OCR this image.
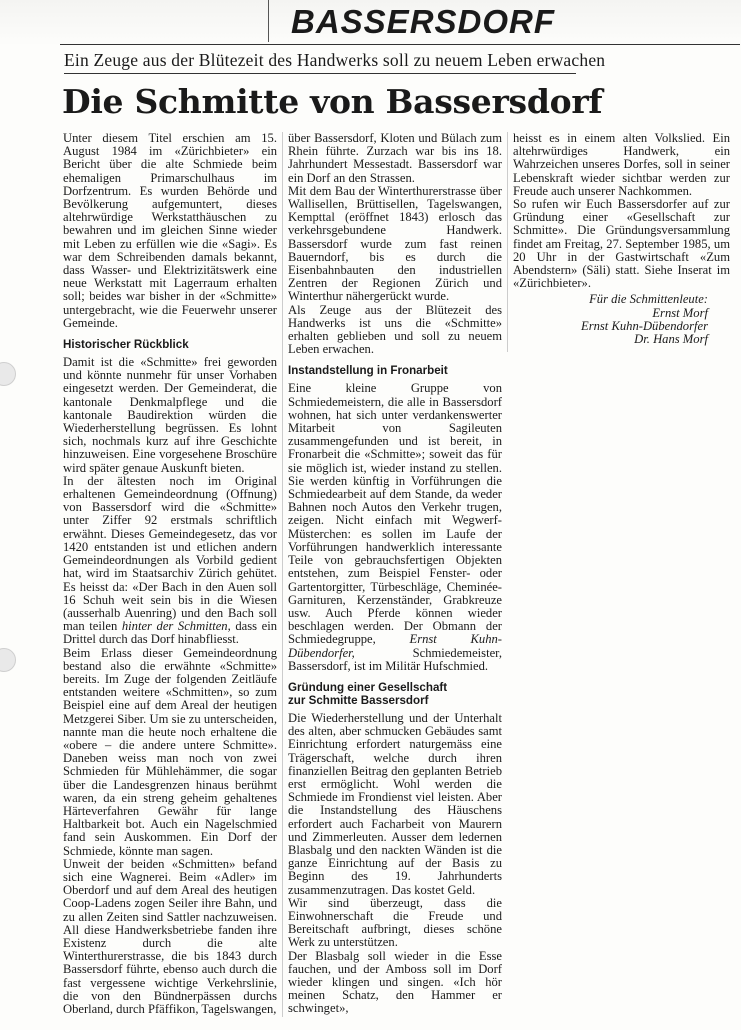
BASSERSDORF
Ein Zeuge aus der Blütezeit des Handwerks soll zu neuem Leben erwachen
Die Schmitte von Bassersdorf

Unter diesem Titel erschien am 15. August 1984 im «Zürichbieter» ein Bericht über die alte Schmiede beim ehemaligen Primarschulhaus im Dorfzentrum. Es wurden Behörde und Bevölkerung aufgemuntert, dieses altehrwürdige Werkstatthäuschen zu bewahren und im gleichen Sinne wieder mit Leben zu erfüllen wie die «Sagi». Es war dem Schreibenden damals bekannt, dass Wasser- und Elektrizitätswerk eine neue Werkstatt mit Lagerraum erhalten soll; beides war bisher in der «Schmitte» untergebracht, wie die Feuerwehr unserer Gemeinde.

Historischer Rückblick

Damit ist die «Schmitte» frei geworden und könnte nunmehr für unser Vorhaben eingesetzt werden. Der Gemeinderat, die kantonale Denkmalpflege und die kantonale Baudirektion würden die Wiederherstellung begrüssen. Es lohnt sich, nochmals kurz auf ihre Geschichte hinzuweisen. Eine vorgesehene Broschüre wird später genaue Auskunft bieten.

In der ältesten noch im Original erhaltenen Gemeindeordnung (Offnung) von Bassersdorf wird die «Schmitte» unter Ziffer 92 erstmals schriftlich erwähnt. Dieses Gemeindegesetz, das vor 1420 entstanden ist und etlichen andern Gemeindeordnungen als Vorbild gedient hat, wird im Staatsarchiv Zürich gehütet. Es heisst da: «Der Bach in den Auen soll 16 Schuh weit sein bis in die Wiesen (ausserhalb Auenring) und den Bach soll man teilen hinter der Schmitten, dass ein Drittel durch das Dorf hinabfliesst.

Beim Erlass dieser Gemeindeordnung bestand also die erwähnte «Schmitte» bereits. Im Zuge der folgenden Zeitläufe entstanden weitere «Schmitten», so zum Beispiel eine auf dem Areal der heutigen Metzgerei Siber. Um sie zu unterscheiden, nannte man die heute noch erhaltene die «obere – die andere untere Schmitte». Daneben weiss man noch von zwei Schmieden für Mühlehämmer, die sogar über die Landesgrenzen hinaus berühmt waren, da ein streng geheim gehaltenes Härteverfahren Gewähr für lange Haltbarkeit bot. Auch ein Nagelschmied fand sein Auskommen. Ein Dorf der Schmiede, könnte man sagen.

Unweit der beiden «Schmitten» befand sich eine Wagnerei. Beim «Adler» im Oberdorf und auf dem Areal des heutigen Coop-Ladens zogen Seiler ihre Bahn, und zu allen Zeiten sind Sattler nachzuweisen. All diese Handwerksbetriebe fanden ihre Existenz durch die alte Winterthurerstrasse, die bis 1843 durch Bassersdorf führte, ebenso auch durch die fast vergessene wichtige Verkehrslinie, die von den Bündnerpässen durchs Oberland, durch Pfäffikon, Tagelswangen,

über Bassersdorf, Kloten und Bülach zum Rhein führte. Zurzach war bis ins 18. Jahrhundert Messestadt. Bassersdorf war ein Dorf an den Strassen.

Mit dem Bau der Winterthurerstrasse über Wallisellen, Brüttisellen, Tagelswangen, Kempttal (eröffnet 1843) erlosch das verkehrsgebundene Handwerk. Bassersdorf wurde zum fast reinen Bauerndorf, bis es durch die Eisenbahnbauten den industriellen Zentren der Regionen Zürich und Winterthur nähergerückt wurde.

Als Zeuge aus der Blütezeit des Handwerks ist uns die «Schmitte» erhalten geblieben und soll zu neuem Leben erwachen.

Instandstellung in Fronarbeit

Eine kleine Gruppe von Schmiedemeistern, die alle in Bassersdorf wohnen, hat sich unter verdankenswerter Mitarbeit von Sagileuten zusammengefunden und ist bereit, in Fronarbeit die «Schmitte»; soweit das für sie möglich ist, wieder instand zu stellen. Sie werden künftig in Vorführungen die Schmiedearbeit auf dem Stande, da weder Bahnen noch Autos den Verkehr trugen, zeigen. Nicht einfach mit Wegwerf-Müsterchen: es sollen im Laufe der Vorführungen handwerklich interessante Teile von gebrauchsfertigen Objekten entstehen, zum Beispiel Fenster- oder Gartentorgitter, Türbeschläge, Cheminée-Garnituren, Kerzenständer, Grabkreuze usw. Auch Pferde können wieder beschlagen werden. Der Obmann der Schmiedegruppe, Ernst Kuhn-Dübendorfer, Schmiedemeister, Bassersdorf, ist im Militär Hufschmied.

Gründung einer Gesellschaft
zur Schmitte Bassersdorf

Die Wiederherstellung und der Unterhalt des alten, aber schmucken Gebäudes samt Einrichtung erfordert naturgemäss eine Trägerschaft, welche durch ihren finanziellen Beitrag den geplanten Betrieb erst ermöglicht. Wohl werden die Schmiede im Frondienst viel leisten. Aber die Instandstellung des Häuschens erfordert auch Facharbeit von Maurern und Zimmerleuten. Ausser dem ledernen Blasbalg und den nackten Wänden ist die ganze Einrichtung auf der Basis zu Beginn des 19. Jahrhunderts zusammenzutragen. Das kostet Geld.

Wir sind überzeugt, dass die Einwohnerschaft die Freude und Bereitschaft aufbringt, dieses schöne Werk zu unterstützen.

Der Blasbalg soll wieder in die Esse fauchen, und der Amboss soll im Dorf wieder klingen und singen. «Ich hör meinen Schatz, den Hammer er schwinget»,

heisst es in einem alten Volkslied. Ein altehrwürdiges Handwerk, ein Wahrzeichen unseres Dorfes, soll in seiner Lebenskraft wieder sichtbar werden zur Freude auch unserer Nachkommen.

So rufen wir Euch Bassersdorfer auf zur Gründung einer «Gesellschaft zur Schmitte». Die Gründungsversammlung findet am Freitag, 27. September 1985, um 20 Uhr in der Gastwirtschaft «Zum Abendstern» (Säli) statt. Siehe Inserat im «Zürichbieter».

Für die Schmittenleute:

Ernst Morf

Ernst Kuhn-Dübendorfer

Dr. Hans Morf
